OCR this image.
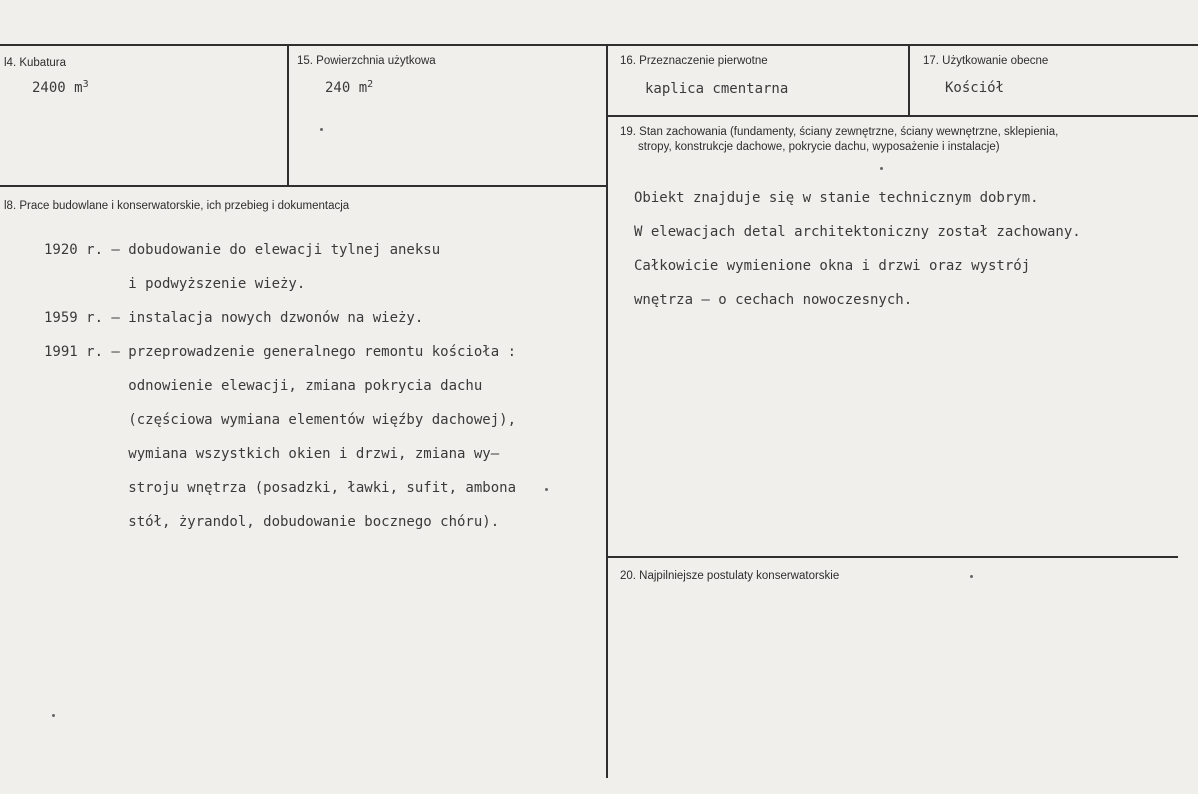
l4. Kubatura
2400 $m^3$
15. Powierzchnia użytkowa
240 $m^2$
16. Przeznaczenie pierwotne
kaplica cmentarna
17. Użytkowanie obecne
Kościół
19. Stan zachowania (fundamenty, ściany zewnętrzne, ściany wewnętrzne, sklepienia,
stropy, konstrukcje dachowe, pokrycie dachu, wyposażenie i instalacje)

Obiekt znajduje się w stanie technicznym dobrym.

W elewacjach detal architektoniczny został zachowany.

Całkowicie wymienione okna i drzwi oraz wystrój

wnętrza – o cechach nowoczesnych.

l8. Prace budowlane i konserwatorskie, ich przebieg i dokumentacja

1920 r. – dobudowanie do elewacji tylnej aneksu

i podwyższenie wieży.

1959 r. – instalacja nowych dzwonów na wieży.

1991 r. – przeprowadzenie generalnego remontu kościoła :

odnowienie elewacji, zmiana pokrycia dachu

(częściowa wymiana elementów więźby dachowej),

wymiana wszystkich okien i drzwi, zmiana wy–

stroju wnętrza (posadzki, ławki, sufit, ambona

stół, żyrandol, dobudowanie bocznego chóru).

20. Najpilniejsze postulaty konserwatorskie
